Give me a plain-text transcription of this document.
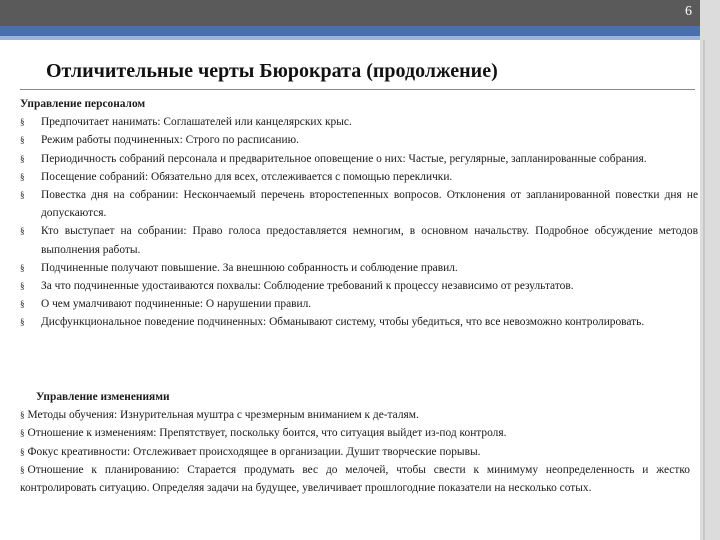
6
Отличительные черты Бюрократа (продолжение)
Управление персоналом
§ Предпочитает нанимать: Соглашателей или канцелярских крыс.
§ Режим работы подчиненных: Строго по расписанию.
§ Периодичность собраний персонала и предварительное оповещение о них: Частые, регулярные, запланированные собрания.
§ Посещение собраний: Обязательно для всех, отслеживается с помощью переклички.
§ Повестка дня на собрании: Нескончаемый перечень второстепенных вопросов. Отклонения от запланированной повестки дня не допускаются.
§ Кто выступает на собрании: Право голоса предоставляется немногим, в основном начальству. Подробное обсуждение методов выполнения работы.
§ Подчиненные получают повышение. За внешнюю собранность и соблюдение правил.
§ За что подчиненные удостаиваются похвалы: Соблюдение требований к процессу независимо от результатов.
§ О чем умалчивают подчиненные: О нарушении правил.
§ Дисфункциональное поведение подчиненных: Обманывают систему, чтобы убедиться, что все невозможно контролировать.
Управление изменениями
§ Методы обучения: Изнурительная муштра с чрезмерным вниманием к де-талям.
§ Отношение к изменениям: Препятствует, поскольку боится, что ситуация выйдет из-под контроля.
§ Фокус креативности: Отслеживает происходящее в организации. Душит творческие порывы.
§ Отношение к планированию: Старается продумать вес до мелочей, чтобы свести к минимуму неопределенность и жестко контролировать ситуацию. Определяя задачи на будущее, увеличивает прошлогодние показатели на несколько сотых.
